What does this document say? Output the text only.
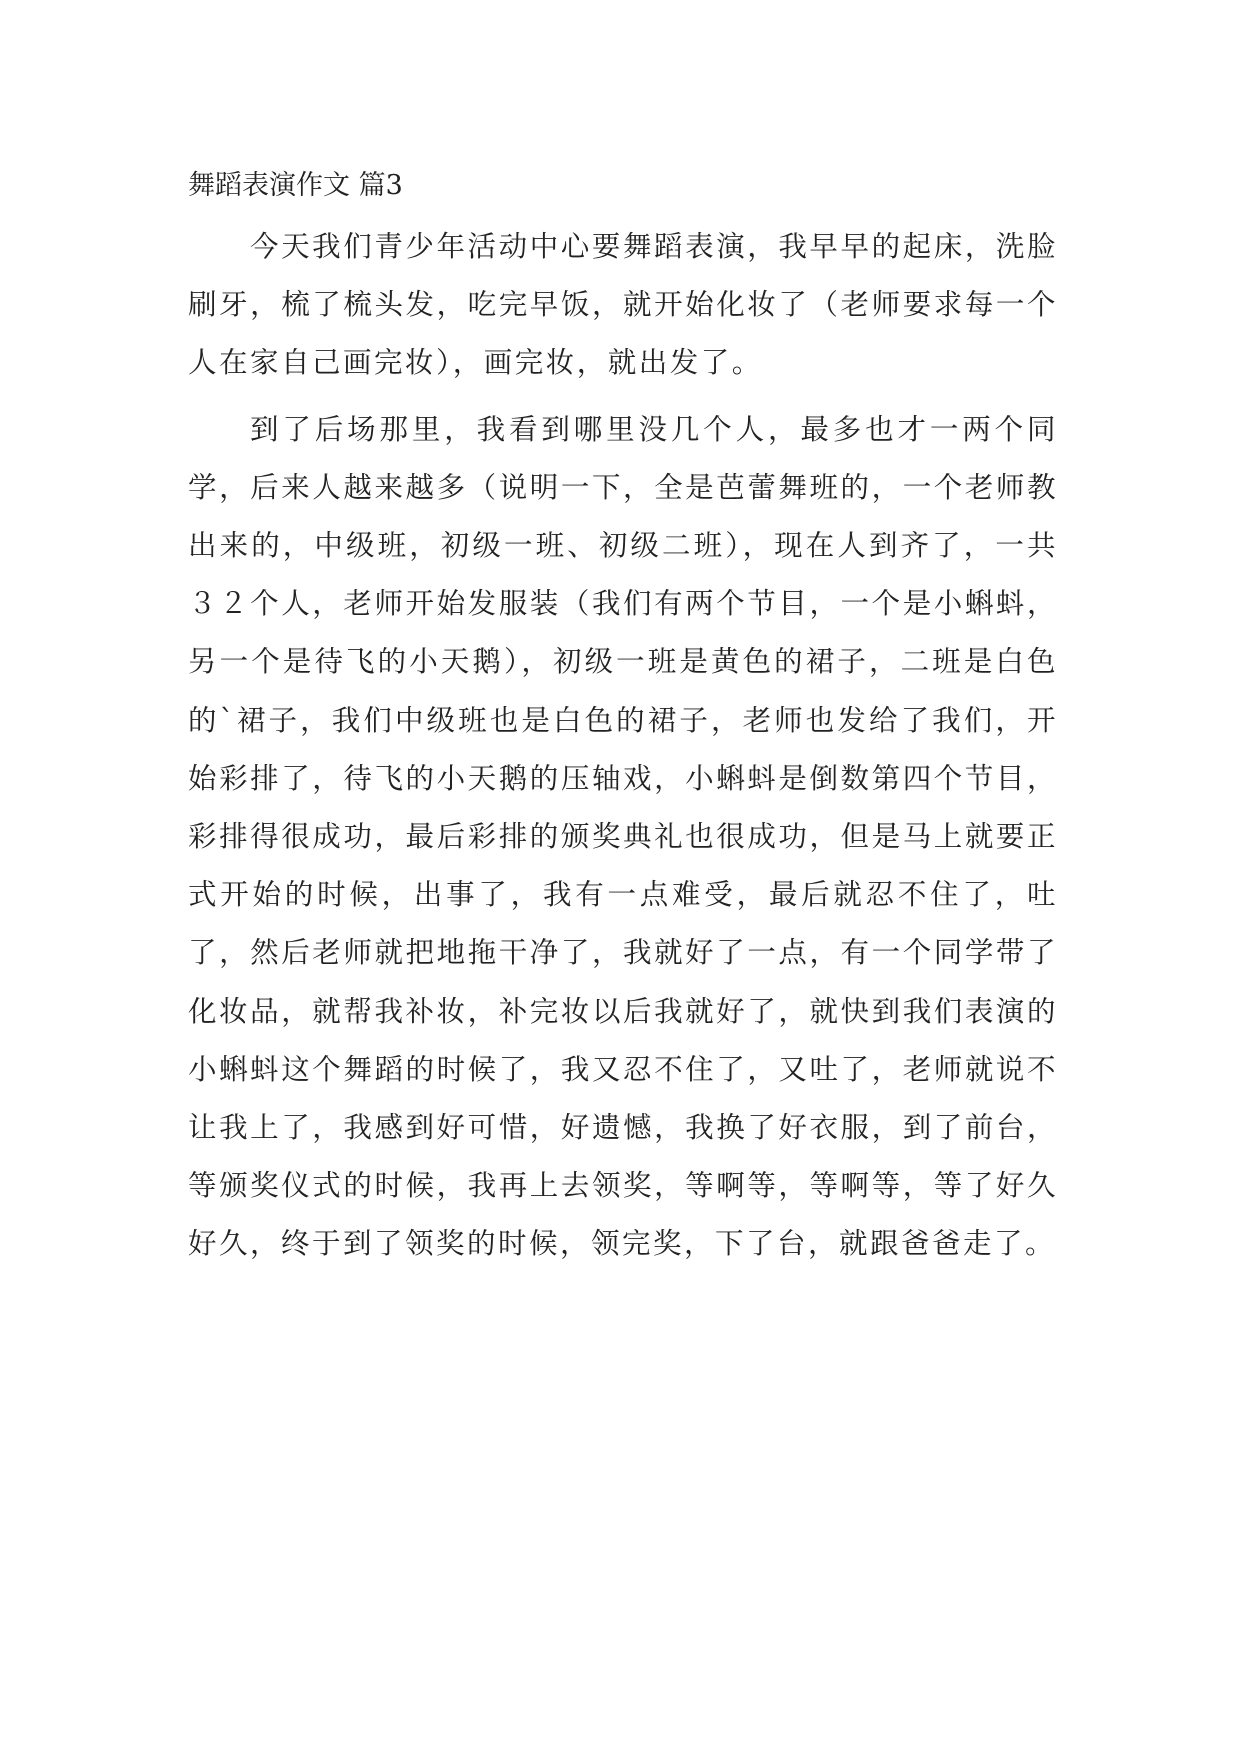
舞蹈表演作文 篇3

今天我们青少年活动中心要舞蹈表演，我早早的起床，洗脸刷牙，梳了梳头发，吃完早饭，就开始化妆了（老师要求每一个人在家自己画完妆），画完妆，就出发了。

到了后场那里，我看到哪里没几个人，最多也才一两个同学，后来人越来越多（说明一下，全是芭蕾舞班的，一个老师教出来的，中级班，初级一班、初级二班），现在人到齐了，一共３２个人，老师开始发服装（我们有两个节目，一个是小蝌蚪，另一个是待飞的小天鹅），初级一班是黄色的裙子，二班是白色的`裙子，我们中级班也是白色的裙子，老师也发给了我们，开始彩排了，待飞的小天鹅的压轴戏，小蝌蚪是倒数第四个节目，彩排得很成功，最后彩排的颁奖典礼也很成功，但是马上就要正式开始的时候，出事了，我有一点难受，最后就忍不住了，吐了，然后老师就把地拖干净了，我就好了一点，有一个同学带了化妆品，就帮我补妆，补完妆以后我就好了，就快到我们表演的小蝌蚪这个舞蹈的时候了，我又忍不住了，又吐了，老师就说不让我上了，我感到好可惜，好遗憾，我换了好衣服，到了前台，等颁奖仪式的时候，我再上去领奖，等啊等，等啊等，等了好久好久，终于到了领奖的时候，领完奖，下了台，就跟爸爸走了。
